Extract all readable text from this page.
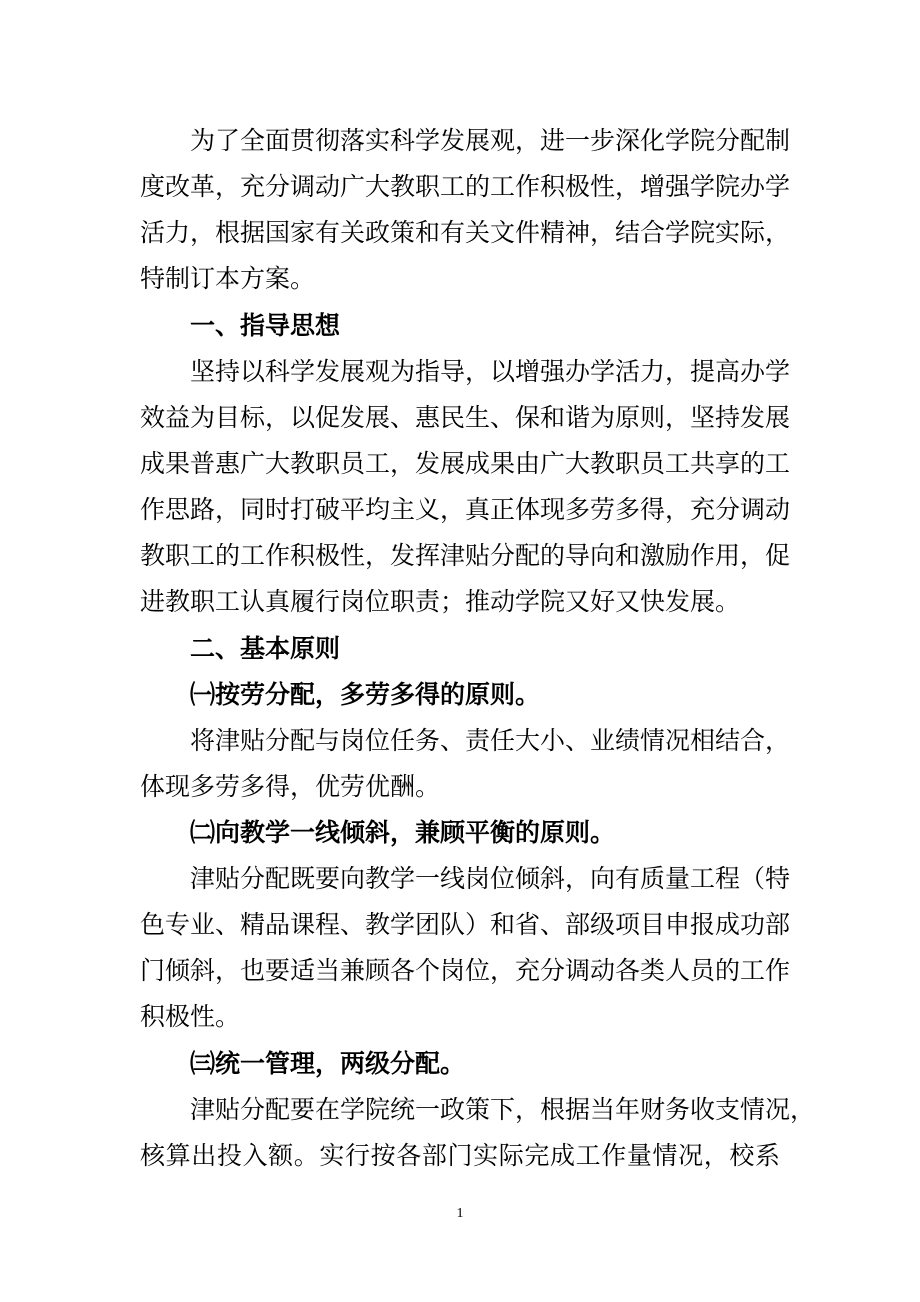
为了全面贯彻落实科学发展观，进一步深化学院分配制
度改革，充分调动广大教职工的工作积极性，增强学院办学
活力，根据国家有关政策和有关文件精神，结合学院实际，
特制订本方案。
一、指导思想
坚持以科学发展观为指导，以增强办学活力，提高办学
效益为目标，以促发展、惠民生、保和谐为原则，坚持发展
成果普惠广大教职员工，发展成果由广大教职员工共享的工
作思路，同时打破平均主义，真正体现多劳多得，充分调动
教职工的工作积极性，发挥津贴分配的导向和激励作用，促
进教职工认真履行岗位职责；推动学院又好又快发展。
二、基本原则
㈠按劳分配，多劳多得的原则。
将津贴分配与岗位任务、责任大小、业绩情况相结合，
体现多劳多得，优劳优酬。
㈡向教学一线倾斜，兼顾平衡的原则。
津贴分配既要向教学一线岗位倾斜，向有质量工程（特
色专业、精品课程、教学团队）和省、部级项目申报成功部
门倾斜，也要适当兼顾各个岗位，充分调动各类人员的工作
积极性。
㈢统一管理，两级分配。
津贴分配要在学院统一政策下，根据当年财务收支情况，
核算出投入额。实行按各部门实际完成工作量情况，校系
1
